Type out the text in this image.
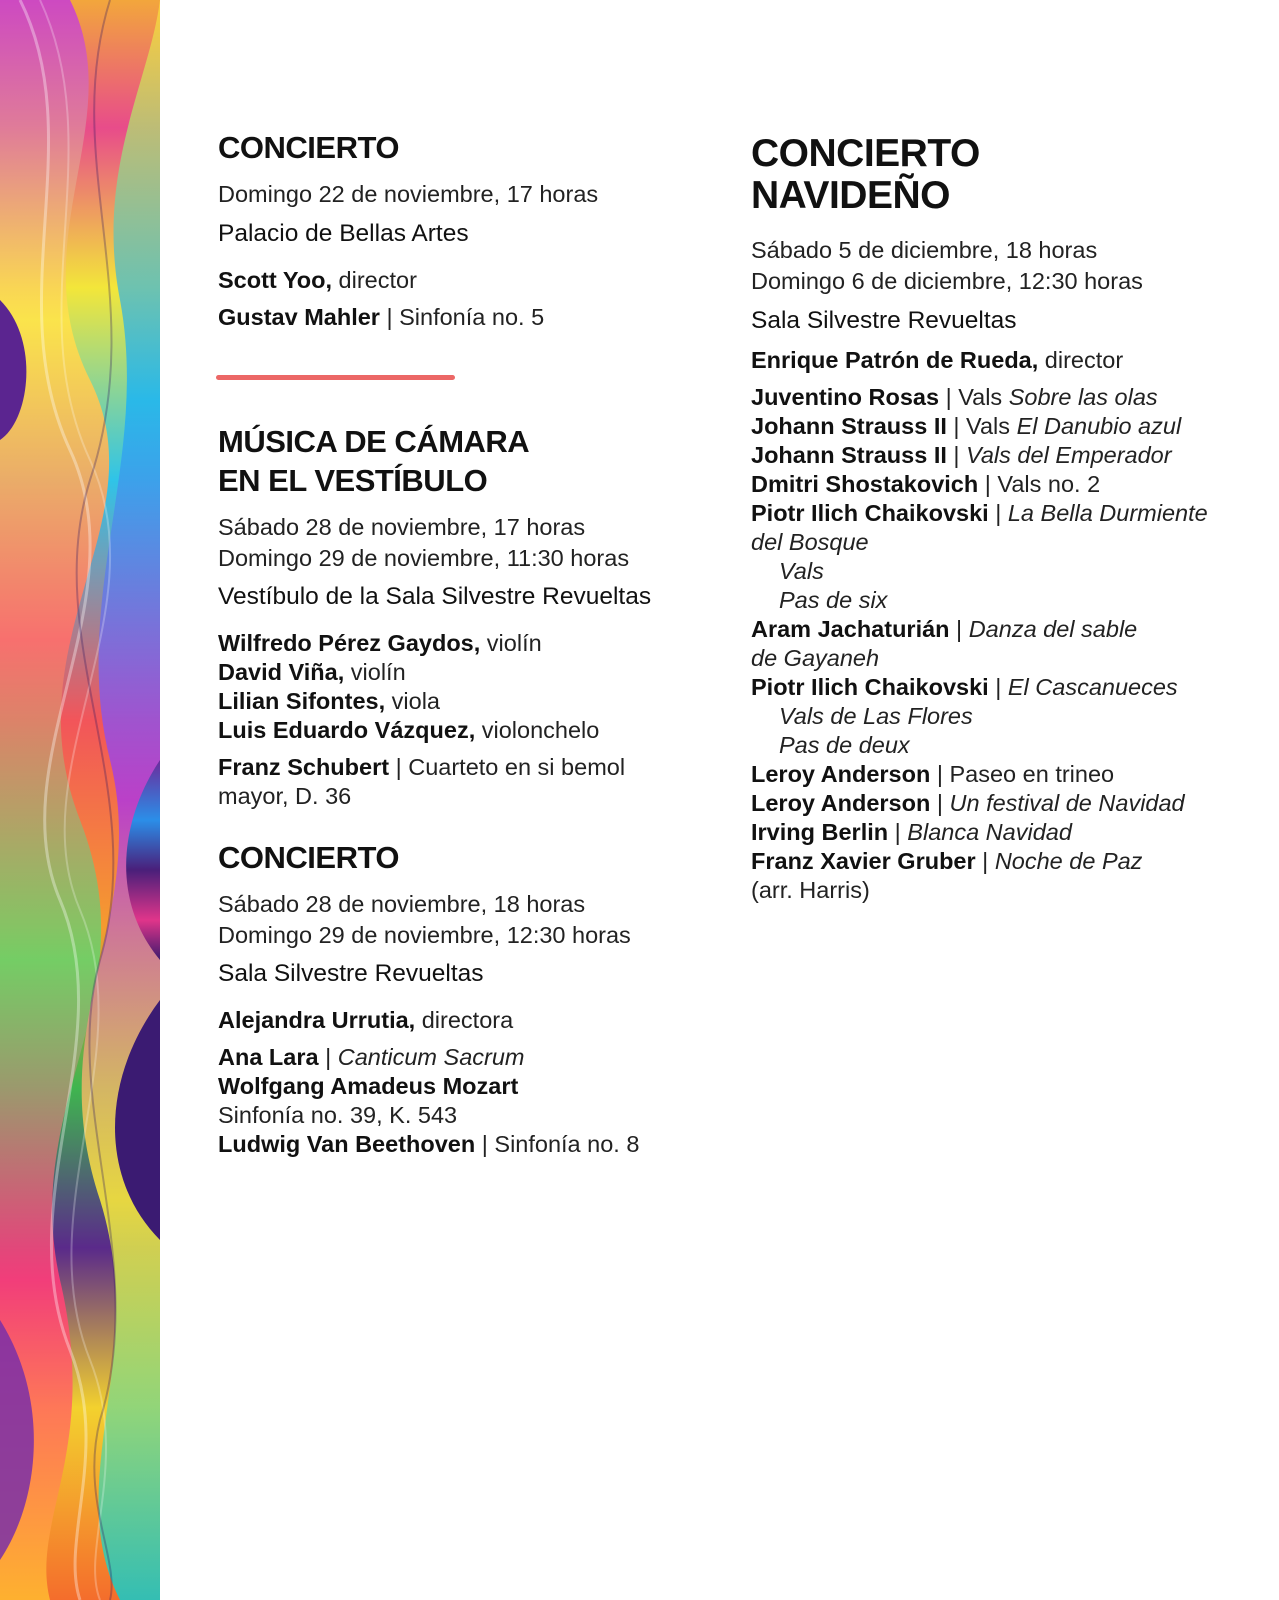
CONCIERTO
Domingo 22 de noviembre, 17 horas
Palacio de Bellas Artes
Scott Yoo, director
Gustav Mahler | Sinfonía no. 5
MÚSICA DE CÁMARA
EN EL VESTÍBULO
Sábado 28 de noviembre, 17 horas
Domingo 29 de noviembre, 11:30 horas
Vestíbulo de la Sala Silvestre Revueltas
Wilfredo Pérez Gaydos, violín
David Viña, violín
Lilian Sifontes, viola
Luis Eduardo Vázquez, violonchelo
Franz Schubert | Cuarteto en si bemol
mayor, D. 36
CONCIERTO
Sábado 28 de noviembre, 18 horas
Domingo 29 de noviembre, 12:30 horas
Sala Silvestre Revueltas
Alejandra Urrutia, directora
Ana Lara | Canticum Sacrum
Wolfgang Amadeus Mozart
Sinfonía no. 39, K. 543
Ludwig Van Beethoven | Sinfonía no. 8
CONCIERTO
NAVIDEÑO
Sábado 5 de diciembre, 18 horas
Domingo 6 de diciembre, 12:30 horas
Sala Silvestre Revueltas
Enrique Patrón de Rueda, director
Juventino Rosas | Vals Sobre las olas
Johann Strauss II | Vals El Danubio azul
Johann Strauss II | Vals del Emperador
Dmitri Shostakovich | Vals no. 2
Piotr Ilich Chaikovski | La Bella Durmiente
del Bosque
Vals
Pas de six
Aram Jachaturián | Danza del sable
de Gayaneh
Piotr Ilich Chaikovski | El Cascanueces
Vals de Las Flores
Pas de deux
Leroy Anderson | Paseo en trineo
Leroy Anderson | Un festival de Navidad
Irving Berlin | Blanca Navidad
Franz Xavier Gruber | Noche de Paz
(arr. Harris)
